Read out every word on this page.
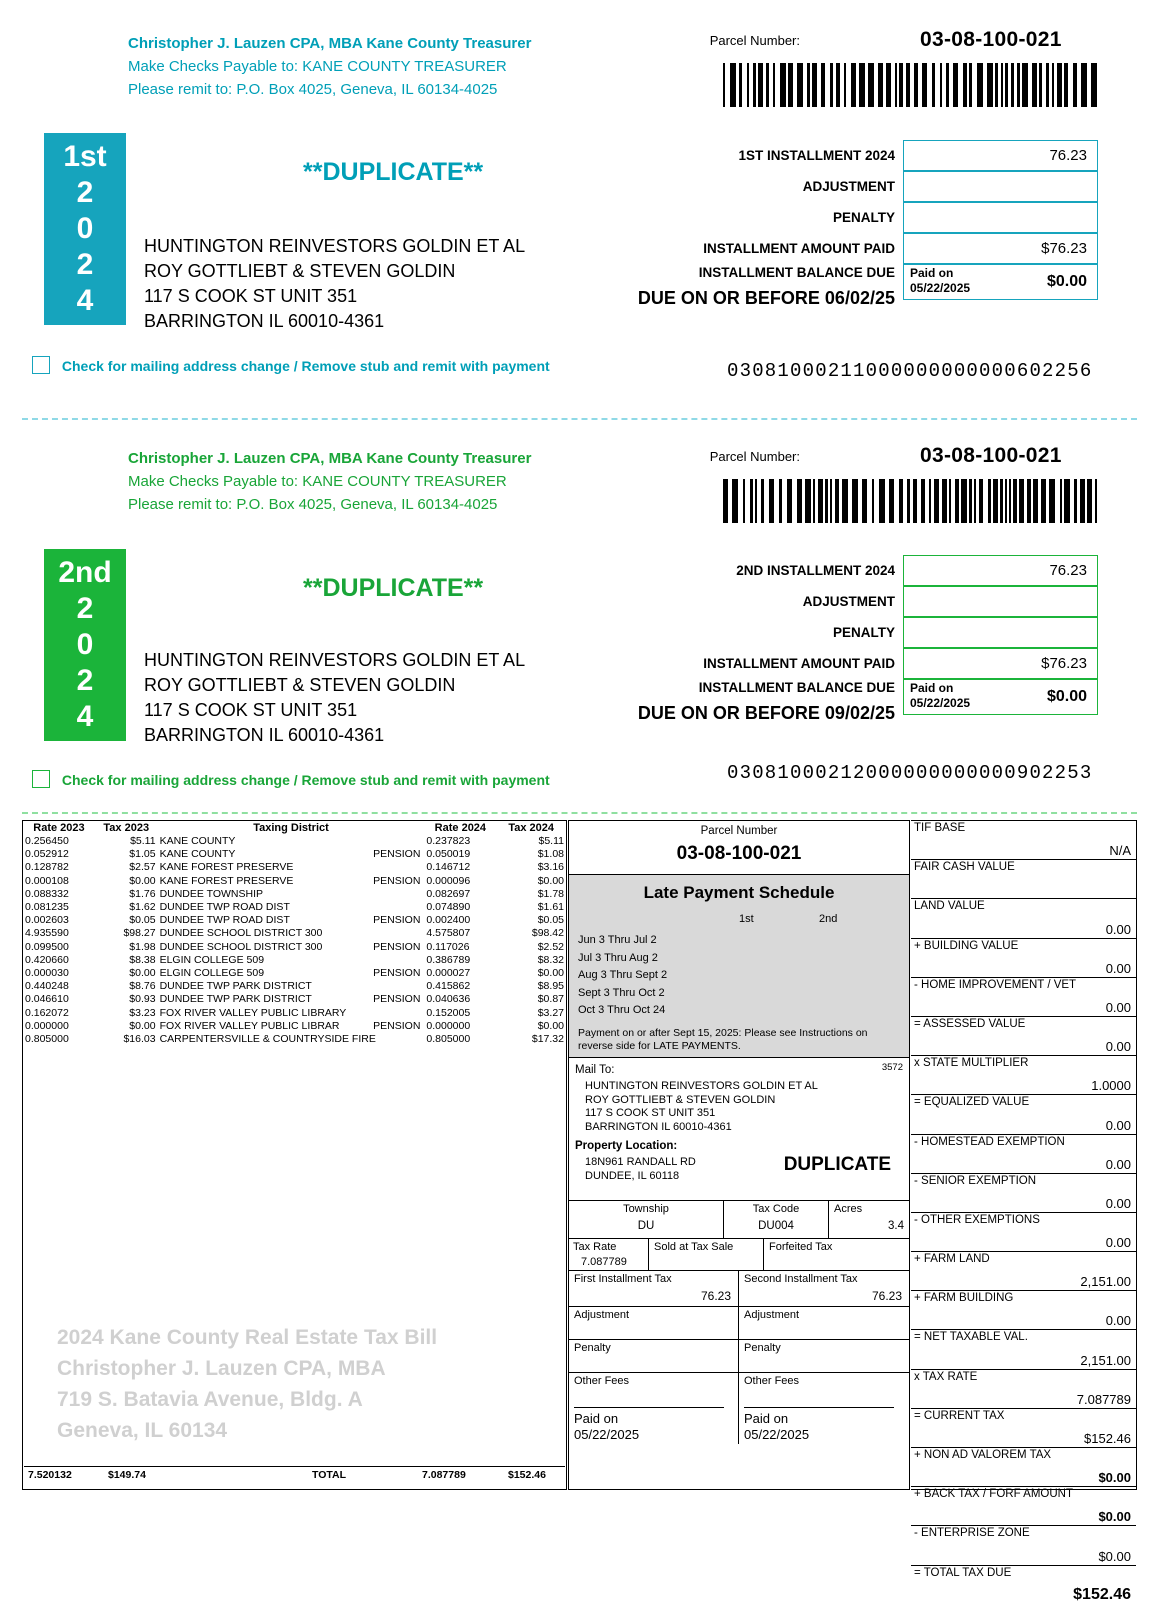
Christopher J. Lauzen CPA, MBA Kane County Treasurer
Make Checks Payable to: KANE COUNTY TREASURER
Please remit to: P.O. Box 4025, Geneva, IL 60134-4025
Parcel Number:	03-08-100-021
1st
2
0
2
4
**DUPLICATE**
HUNTINGTON REINVESTORS GOLDIN ET AL
ROY GOTTLIEBT & STEVEN GOLDIN
117 S COOK ST UNIT 351
BARRINGTON IL 60010-4361
1ST INSTALLMENT 2024	76.23
ADJUSTMENT
PENALTY
INSTALLMENT AMOUNT PAID	$76.23
INSTALLMENT BALANCE DUE	Paid on
05/22/2025	$0.00
DUE ON OR BEFORE 06/02/25
Check for mailing address change / Remove stub and remit with payment	03081000211000000000000602256
Christopher J. Lauzen CPA, MBA Kane County Treasurer
Make Checks Payable to: KANE COUNTY TREASURER
Please remit to: P.O. Box 4025, Geneva, IL 60134-4025
Parcel Number:	03-08-100-021
2nd
2
0
2
4
**DUPLICATE**
HUNTINGTON REINVESTORS GOLDIN ET AL
ROY GOTTLIEBT & STEVEN GOLDIN
117 S COOK ST UNIT 351
BARRINGTON IL 60010-4361
2ND INSTALLMENT 2024	76.23
ADJUSTMENT
PENALTY
INSTALLMENT AMOUNT PAID	$76.23
INSTALLMENT BALANCE DUE	Paid on
05/22/2025	$0.00
DUE ON OR BEFORE 09/02/25
Check for mailing address change / Remove stub and remit with payment	03081000212000000000000902253
Rate 2023	Tax 2023	Taxing District	Rate 2024	Tax 2024
0.256450	$5.11	KANE COUNTY	0.237823	$5.11
0.052912	$1.05	KANE COUNTY PENSION	0.050019	$1.08
0.128782	$2.57	KANE FOREST PRESERVE	0.146712	$3.16
0.000108	$0.00	KANE FOREST PRESERVE PENSION	0.000096	$0.00
0.088332	$1.76	DUNDEE TOWNSHIP	0.082697	$1.78
0.081235	$1.62	DUNDEE TWP ROAD DIST	0.074890	$1.61
0.002603	$0.05	DUNDEE TWP ROAD DIST PENSION	0.002400	$0.05
4.935590	$98.27	DUNDEE SCHOOL DISTRICT 300	4.575807	$98.42
0.099500	$1.98	DUNDEE SCHOOL DISTRICT 300 PENSION	0.117026	$2.52
0.420660	$8.38	ELGIN COLLEGE 509	0.386789	$8.32
0.000030	$0.00	ELGIN COLLEGE 509 PENSION	0.000027	$0.00
0.440248	$8.76	DUNDEE TWP PARK DISTRICT	0.415862	$8.95
0.046610	$0.93	DUNDEE TWP PARK DISTRICT PENSION	0.040636	$0.87
0.162072	$3.23	FOX RIVER VALLEY PUBLIC LIBRARY	0.152005	$3.27
0.000000	$0.00	FOX RIVER VALLEY PUBLIC LIBRAR PENSION	0.000000	$0.00
0.805000	$16.03	CARPENTERSVILLE & COUNTRYSIDE FIRE	0.805000	$17.32
2024 Kane County Real Estate Tax Bill
Christopher J. Lauzen CPA, MBA
719 S. Batavia Avenue, Bldg. A
Geneva, IL 60134
7.520132	$149.74	TOTAL	7.087789	$152.46
Parcel Number
03-08-100-021
Late Payment Schedule
1st	2nd
Jun 3 Thru Jul 2
Jul 3 Thru Aug 2
Aug 3 Thru Sept 2
Sept 3 Thru Oct 2
Oct 3 Thru Oct 24
Payment on or after Sept 15, 2025: Please see Instructions on reverse side for LATE PAYMENTS.
Mail To:	3572
HUNTINGTON REINVESTORS GOLDIN ET AL
ROY GOTTLIEBT & STEVEN GOLDIN
117 S COOK ST UNIT 351
BARRINGTON IL 60010-4361
Property Location:
18N961 RANDALL RD
DUNDEE, IL 60118
DUPLICATE
Township
DU
Tax Code
DU004
Acres
3.4
Tax Rate
7.087789
Sold at Tax Sale	Forfeited Tax
First Installment Tax
76.23
Second Installment Tax
76.23
Adjustment	Adjustment
Penalty	Penalty
Other Fees	Other Fees
Paid on
05/22/2025
Paid on
05/22/2025
TIF BASE
N/A
FAIR CASH VALUE
LAND VALUE
0.00
+ BUILDING VALUE
0.00
- HOME IMPROVEMENT / VET
0.00
= ASSESSED VALUE
0.00
x STATE MULTIPLIER
1.0000
= EQUALIZED VALUE
0.00
- HOMESTEAD EXEMPTION
0.00
- SENIOR EXEMPTION
0.00
- OTHER EXEMPTIONS
0.00
+ FARM LAND
2,151.00
+ FARM BUILDING
0.00
= NET TAXABLE VAL.
2,151.00
x TAX RATE
7.087789
= CURRENT TAX
$152.46
+ NON AD VALOREM TAX
$0.00
+ BACK TAX / FORF AMOUNT
$0.00
- ENTERPRISE ZONE
$0.00
= TOTAL TAX DUE
$152.46
